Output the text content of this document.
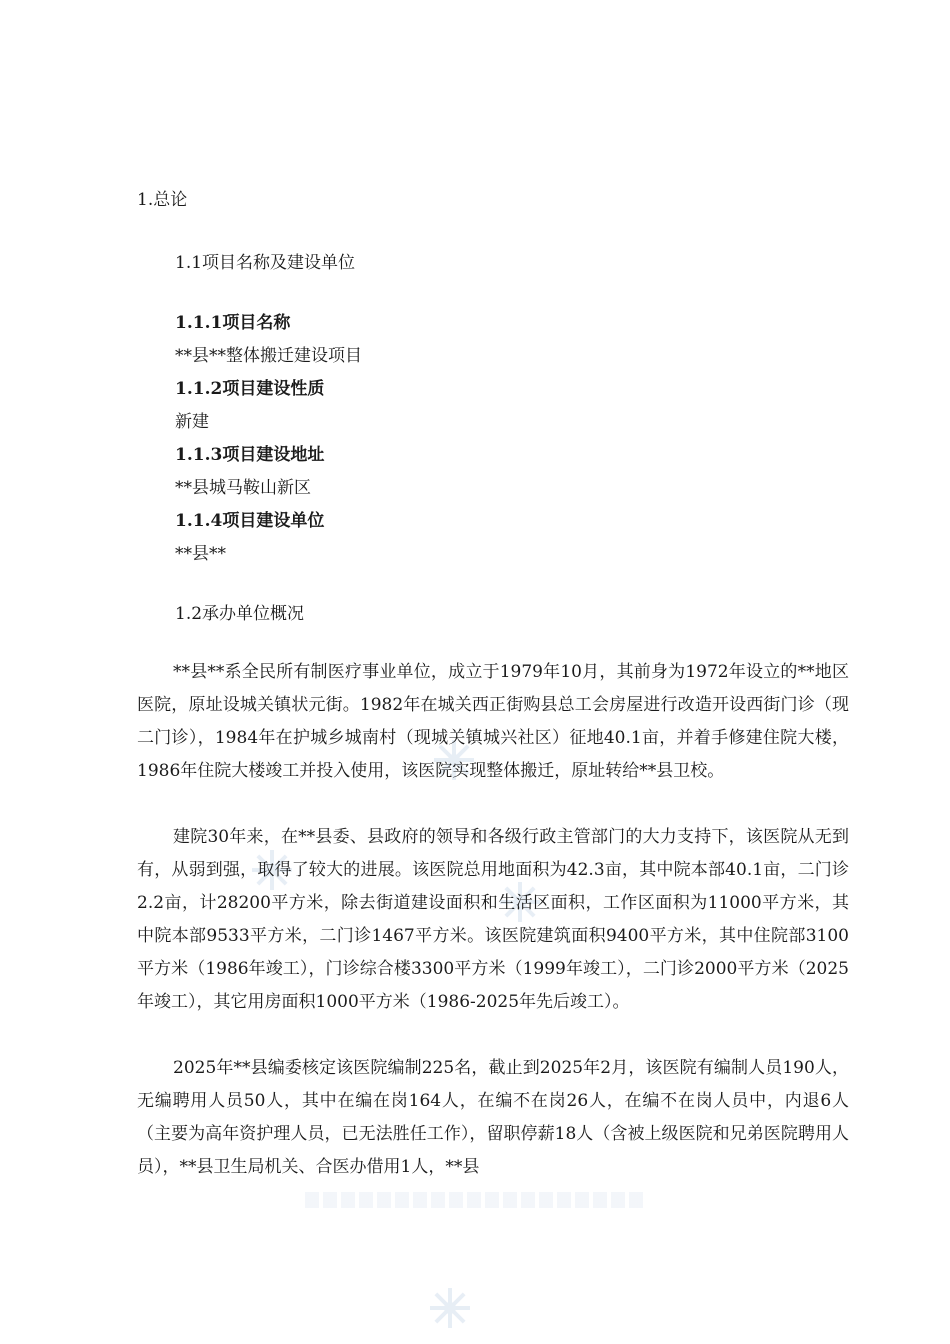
1.总论
1.1项目名称及建设单位
1.1.1项目名称
**县**整体搬迁建设项目
1.1.2项目建设性质
新建
1.1.3项目建设地址
**县城马鞍山新区
1.1.4项目建设单位
**县**
1.2承办单位概况
**县**系全民所有制医疗事业单位，成立于1979年10月，其前身为1972年设立的**地区医院，原址设城关镇状元街。1982年在城关西正街购县总工会房屋进行改造开设西街门诊（现二门诊），1984年在护城乡城南村（现城关镇城兴社区）征地40.1亩，并着手修建住院大楼，1986年住院大楼竣工并投入使用，该医院实现整体搬迁，原址转给**县卫校。
建院30年来，在**县委、县政府的领导和各级行政主管部门的大力支持下，该医院从无到有，从弱到强，取得了较大的进展。该医院总用地面积为42.3亩，其中院本部40.1亩，二门诊2.2亩，计28200平方米，除去街道建设面积和生活区面积，工作区面积为11000平方米，其中院本部9533平方米，二门诊1467平方米。该医院建筑面积9400平方米，其中住院部3100平方米（1986年竣工），门诊综合楼3300平方米（1999年竣工），二门诊2000平方米（2025年竣工），其它用房面积1000平方米（1986-2025年先后竣工）。
2025年**县编委核定该医院编制225名，截止到2025年2月，该医院有编制人员190人，无编聘用人员50人，其中在编在岗164人，在编不在岗26人，在编不在岗人员中，内退6人（主要为高年资护理人员，已无法胜任工作），留职停薪18人（含被上级医院和兄弟医院聘用人员），**县卫生局机关、合医办借用1人，**县
